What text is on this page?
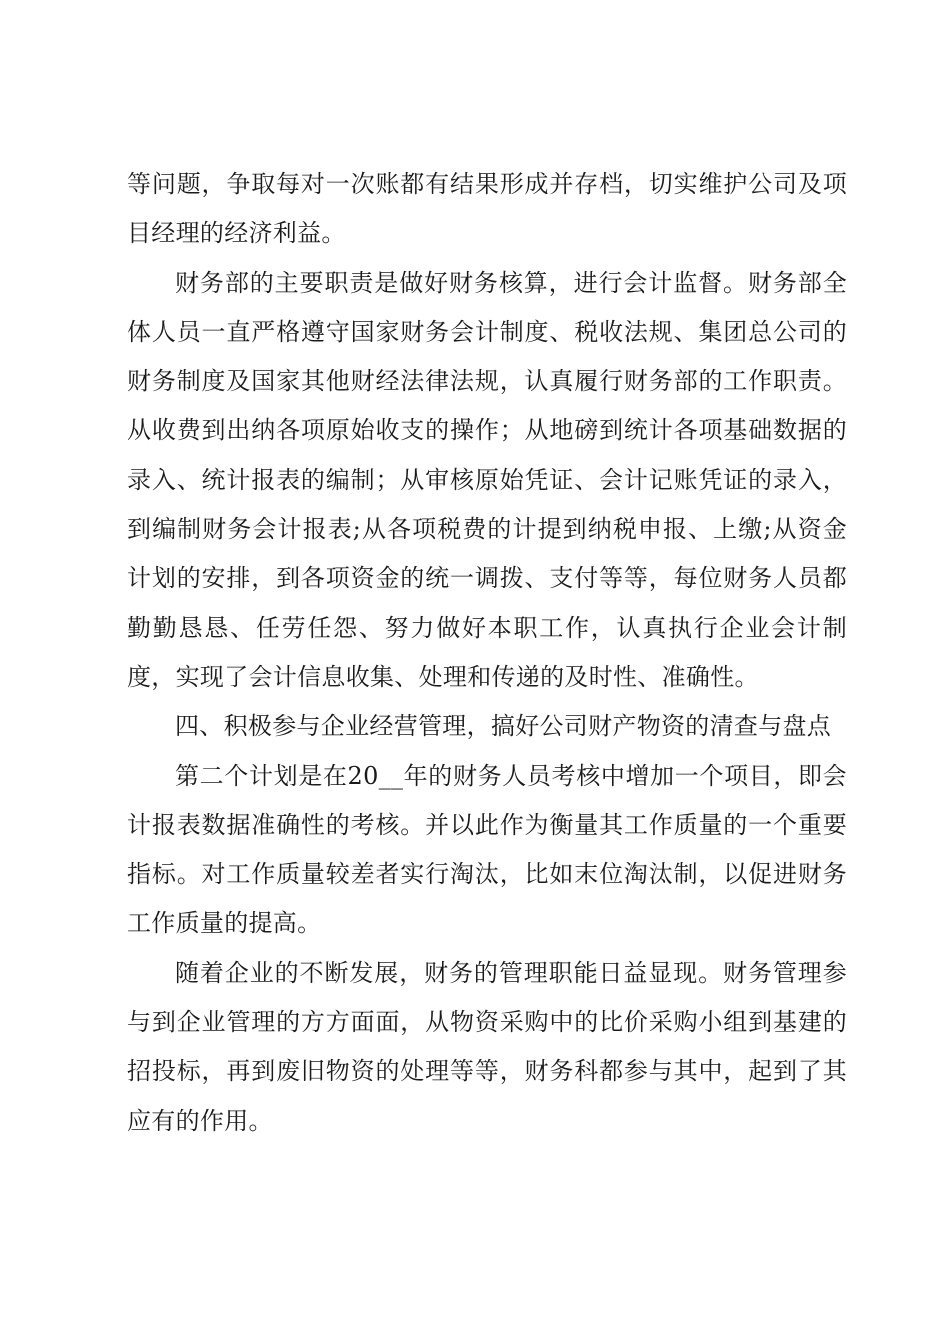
等问题，争取每对一次账都有结果形成并存档，切实维护公司及项目经理的经济利益。

财务部的主要职责是做好财务核算，进行会计监督。财务部全体人员一直严格遵守国家财务会计制度、税收法规、集团总公司的财务制度及国家其他财经法律法规，认真履行财务部的工作职责。从收费到出纳各项原始收支的操作；从地磅到统计各项基础数据的录入、统计报表的编制；从审核原始凭证、会计记账凭证的录入，到编制财务会计报表;从各项税费的计提到纳税申报、上缴;从资金计划的安排，到各项资金的统一调拨、支付等等，每位财务人员都勤勤恳恳、任劳任怨、努力做好本职工作，认真执行企业会计制度，实现了会计信息收集、处理和传递的及时性、准确性。

四、积极参与企业经营管理，搞好公司财产物资的清查与盘点

第二个计划是在20__年的财务人员考核中增加一个项目，即会计报表数据准确性的考核。并以此作为衡量其工作质量的一个重要指标。对工作质量较差者实行淘汰，比如末位淘汰制，以促进财务工作质量的提高。

随着企业的不断发展，财务的管理职能日益显现。财务管理参与到企业管理的方方面面，从物资采购中的比价采购小组到基建的招投标，再到废旧物资的处理等等，财务科都参与其中，起到了其应有的作用。
